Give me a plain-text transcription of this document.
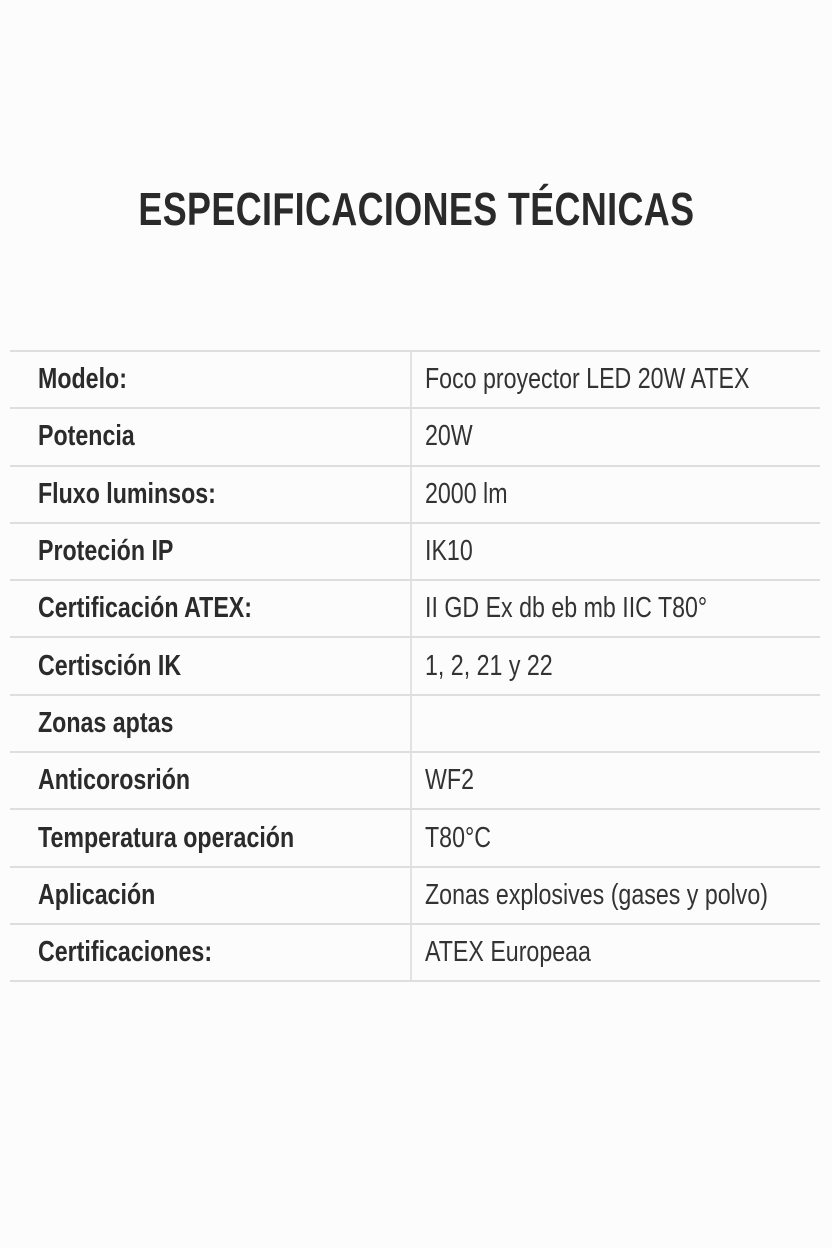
ESPECIFICACIONES TÉCNICAS
Modelo:	Foco proyector LED 20W ATEX
Potencia	20W
Fluxo luminsos:	2000 lm
Proteción IP	IK10
Certificación ATEX:	II GD Ex db eb mb IIC T80°
Certisción IK	1, 2, 21 y 22
Zonas aptas
Anticorosrión	WF2
Temperatura operación	T80°C
Aplicación	Zonas explosives (gases y polvo)
Certificaciones:	ATEX Europeaa
